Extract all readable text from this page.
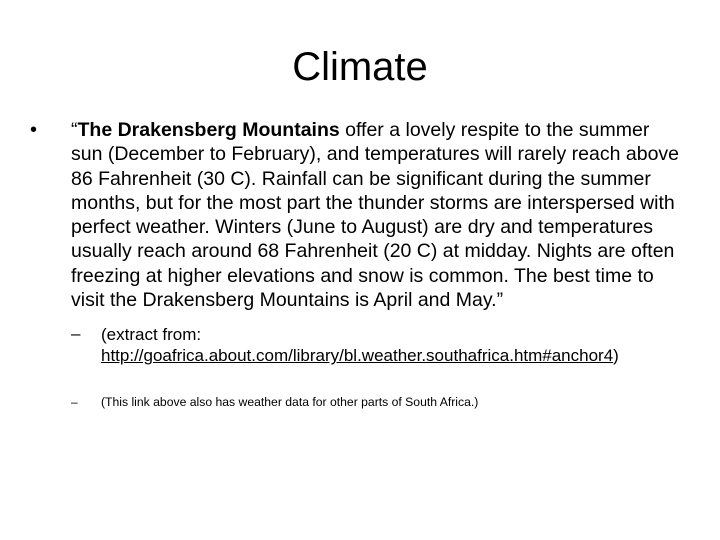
Climate
• “The Drakensberg Mountains offer a lovely respite to the summer sun (December to February), and temperatures will rarely reach above 86 Fahrenheit (30 C). Rainfall can be significant during the summer months, but for the most part the thunder storms are interspersed with perfect weather. Winters (June to August) are dry and temperatures usually reach around 68 Fahrenheit (20 C) at midday. Nights are often freezing at higher elevations and snow is common. The best time to visit the Drakensberg Mountains is April and May.”

– (extract from: http://goafrica.about.com/library/bl.weather.southafrica.htm#anchor4)

– (This link above also has weather data for other parts of South Africa.)
